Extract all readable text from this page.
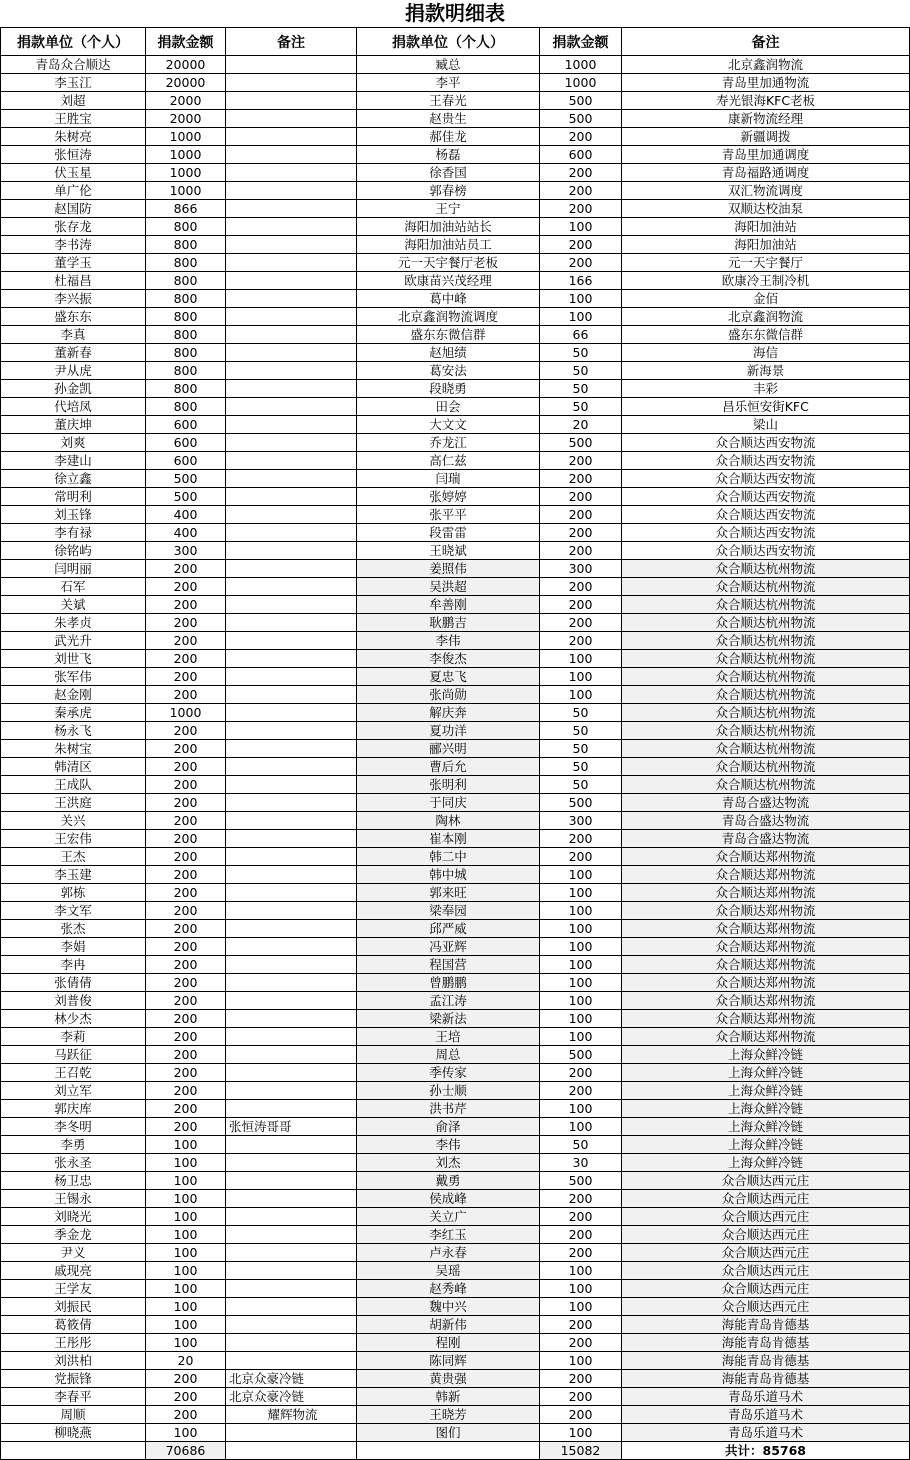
捐款明细表
捐款单位（个人）	捐款金额	备注	捐款单位（个人）	捐款金额	备注
青岛众合顺达	20000		臧总	1000	北京鑫润物流
李玉江	20000		李平	1000	青岛里加通物流
刘超	2000		王春光	500	寿光银海KFC老板
王胜宝	2000		赵贵生	500	康新物流经理
朱树亮	1000		郝佳龙	200	新疆调拨
张恒涛	1000		杨磊	600	青岛里加通调度
伏玉星	1000		徐香国	200	青岛福路通调度
单广伦	1000		郭春榜	200	双汇物流调度
赵国防	866		王宁	200	双顺达校油泵
张存龙	800		海阳加油站站长	100	海阳加油站
李书涛	800		海阳加油站员工	200	海阳加油站
董学玉	800		元一天宇餐厅老板	200	元一天宇餐厅
杜福昌	800		欧康苗兴茂经理	166	欧康冷王制冷机
李兴振	800		葛中峰	100	金佰
盛东东	800		北京鑫润物流调度	100	北京鑫润物流
李真	800		盛东东微信群	66	盛东东微信群
董新春	800		赵旭绩	50	海信
尹从虎	800		葛安法	50	新海景
孙金凯	800		段晓勇	50	丰彩
代培凤	800		田会	50	昌乐恒安街KFC
董庆坤	600		大文文	20	梁山
刘爽	600		乔龙江	500	众合顺达西安物流
李建山	600		高仁兹	200	众合顺达西安物流
徐立鑫	500		闫瑞	200	众合顺达西安物流
常明利	500		张婷婷	200	众合顺达西安物流
刘玉锋	400		张平平	200	众合顺达西安物流
李有禄	400		段雷雷	200	众合顺达西安物流
徐铭屿	300		王晓斌	200	众合顺达西安物流
闫明丽	200		姜照伟	300	众合顺达杭州物流
石军	200		吴洪超	200	众合顺达杭州物流
关斌	200		牟善刚	200	众合顺达杭州物流
朱孝贞	200		耿鹏吉	200	众合顺达杭州物流
武光升	200		李伟	200	众合顺达杭州物流
刘世飞	200		李俊杰	100	众合顺达杭州物流
张军伟	200		夏忠飞	100	众合顺达杭州物流
赵金刚	200		张尚勋	100	众合顺达杭州物流
秦承虎	1000		解庆奔	50	众合顺达杭州物流
杨永飞	200		夏功洋	50	众合顺达杭州物流
朱树宝	200		郦兴明	50	众合顺达杭州物流
韩清区	200		曹后允	50	众合顺达杭州物流
王成队	200		张明利	50	众合顺达杭州物流
王洪庭	200		于同庆	500	青岛合盛达物流
关兴	200		陶林	300	青岛合盛达物流
王宏伟	200		崔本刚	200	青岛合盛达物流
王杰	200		韩二中	200	众合顺达郑州物流
李玉建	200		韩中城	100	众合顺达郑州物流
郭栋	200		郭来旺	100	众合顺达郑州物流
李文军	200		梁奉园	100	众合顺达郑州物流
张杰	200		邱严威	100	众合顺达郑州物流
李娟	200		冯亚辉	100	众合顺达郑州物流
李冉	200		程国营	100	众合顺达郑州物流
张倩倩	200		曾鹏鹏	100	众合顺达郑州物流
刘普俊	200		孟江涛	100	众合顺达郑州物流
林少杰	200		梁新法	100	众合顺达郑州物流
李莉	200		王培	100	众合顺达郑州物流
马跃征	200		周总	500	上海众鲜冷链
王召乾	200		季传家	200	上海众鲜冷链
刘立军	200		孙士顺	200	上海众鲜冷链
郭庆库	200		洪书芹	100	上海众鲜冷链
李冬明	200	张恒涛哥哥	俞泽	100	上海众鲜冷链
李勇	100		李伟	50	上海众鲜冷链
张永圣	100		刘杰	30	上海众鲜冷链
杨卫忠	100		戴勇	500	众合顺达西元庄
王锡永	100		侯成峰	200	众合顺达西元庄
刘晓光	100		关立广	200	众合顺达西元庄
季金龙	100		李红玉	200	众合顺达西元庄
尹义	100		卢永春	200	众合顺达西元庄
戚现亮	100		吴瑶	100	众合顺达西元庄
王学友	100		赵秀峰	100	众合顺达西元庄
刘振民	100		魏中兴	100	众合顺达西元庄
葛筱倩	100		胡新伟	200	海能青岛肯德基
王彤彤	100		程刚	200	海能青岛肯德基
刘洪柏	20		陈同辉	100	海能青岛肯德基
党振锋	200	北京众豪冷链	黄贵强	200	海能青岛肯德基
李春平	200	北京众豪冷链	韩新	200	青岛乐道马术
周顺	200	耀辉物流	王晓芳	200	青岛乐道马术
柳晓燕	100		图们	100	青岛乐道马术
	70686			15082	共计：85768
